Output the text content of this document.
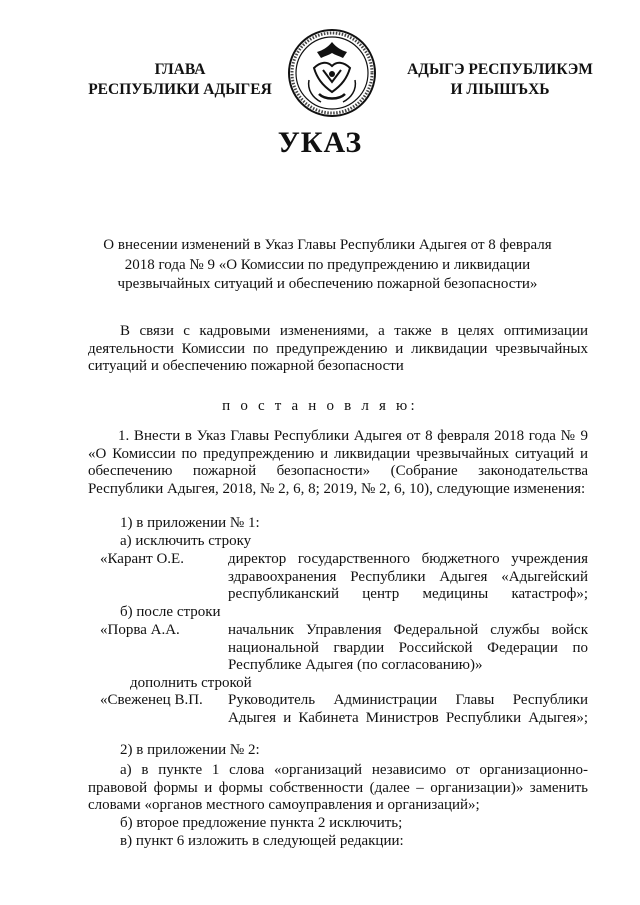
ГЛАВА
РЕСПУБЛИКИ АДЫГЕЯ
АДЫГЭ РЕСПУБЛИКЭМ
И ЛІЫШЪХЬ
УКАЗ
О внесении изменений в Указ Главы Республики Адыгея от 8 февраля 2018 года № 9 «О Комиссии по предупреждению и ликвидации чрезвычайных ситуаций и обеспечению пожарной безопасности»
В связи с кадровыми изменениями, а также в целях оптимизации деятельности Комиссии по предупреждению и ликвидации чрезвычайных ситуаций и обеспечению пожарной безопасности
п о с т а н о в л я ю:
1. Внести в Указ Главы Республики Адыгея от 8 февраля 2018 года № 9 «О Комиссии по предупреждению и ликвидации чрезвычайных ситуаций и обеспечению пожарной безопасности» (Собрание законодательства Республики Адыгея, 2018, № 2, 6, 8; 2019, № 2, 6, 10), следующие изменения:
1) в приложении № 1:
а) исключить строку
«Карант О.Е.	директор государственного бюджетного учреждения здравоохранения Республики Адыгея «Адыгейский республиканский центр медицины катастроф»;
б) после строки
«Порва А.А.	начальник Управления Федеральной службы войск национальной гвардии Российской Федерации по Республике Адыгея (по согласованию)»
дополнить строкой
«Свеженец В.П. Руководитель Администрации Главы Республики Адыгея и Кабинета Министров Республики Адыгея»;
2) в приложении № 2:
а) в пункте 1 слова «организаций независимо от организационно-правовой формы и формы собственности (далее – организации)» заменить словами «органов местного самоуправления и организаций»;
б) второе предложение пункта 2 исключить;
в) пункт 6 изложить в следующей редакции:
